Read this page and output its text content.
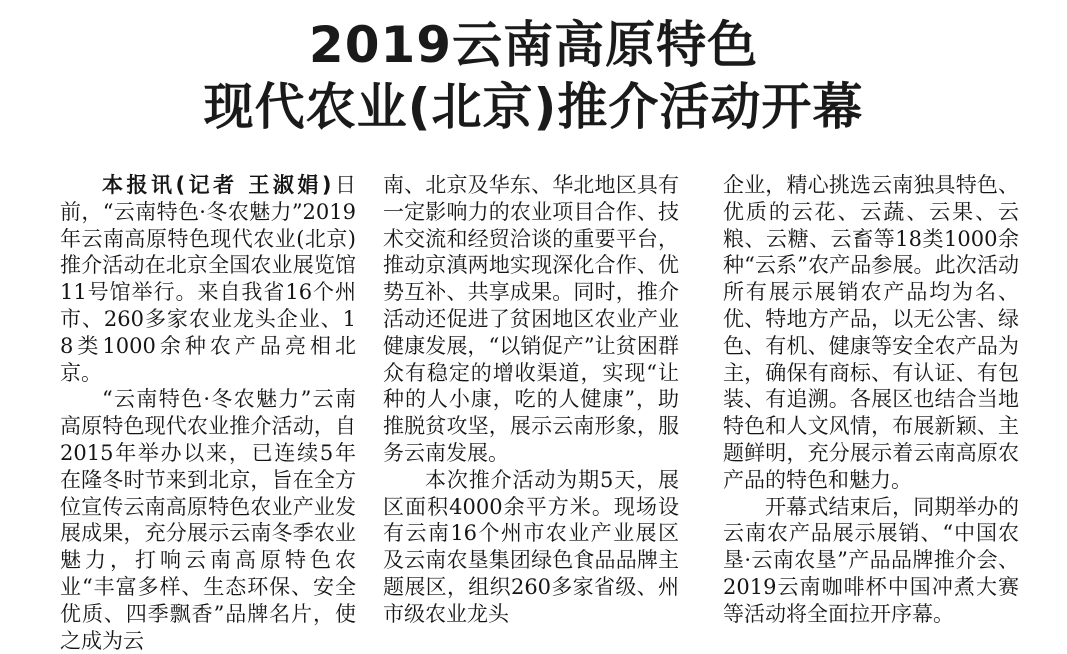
2019云南高原特色
现代农业(北京)推介活动开幕

本报讯(记者 王淑娟)日前，“云南特色·冬农魅力”2019年云南高原特色现代农业(北京)推介活动在北京全国农业展览馆11号馆举行。来自我省16个州市、260多家农业龙头企业、18类1000余种农产品亮相北京。

“云南特色·冬农魅力”云南高原特色现代农业推介活动，自2015年举办以来，已连续5年在隆冬时节来到北京，旨在全方位宣传云南高原特色农业产业发展成果，充分展示云南冬季农业魅力，打响云南高原特色农业“丰富多样、生态环保、安全优质、四季飘香”品牌名片，使之成为云

南、北京及华东、华北地区具有一定影响力的农业项目合作、技术交流和经贸洽谈的重要平台，推动京滇两地实现深化合作、优势互补、共享成果。同时，推介活动还促进了贫困地区农业产业健康发展，“以销促产”让贫困群众有稳定的增收渠道，实现“让种的人小康，吃的人健康”，助推脱贫攻坚，展示云南形象，服务云南发展。

本次推介活动为期5天，展区面积4000余平方米。现场设有云南16个州市农业产业展区及云南农垦集团绿色食品品牌主题展区，组织260多家省级、州市级农业龙头

企业，精心挑选云南独具特色、优质的云花、云蔬、云果、云粮、云糖、云畜等18类1000余种“云系”农产品参展。此次活动所有展示展销农产品均为名、优、特地方产品，以无公害、绿色、有机、健康等安全农产品为主，确保有商标、有认证、有包装、有追溯。各展区也结合当地特色和人文风情，布展新颖、主题鲜明，充分展示着云南高原农产品的特色和魅力。

开幕式结束后，同期举办的云南农产品展示展销、“中国农垦·云南农垦”产品品牌推介会、2019云南咖啡杯中国冲煮大赛等活动将全面拉开序幕。
